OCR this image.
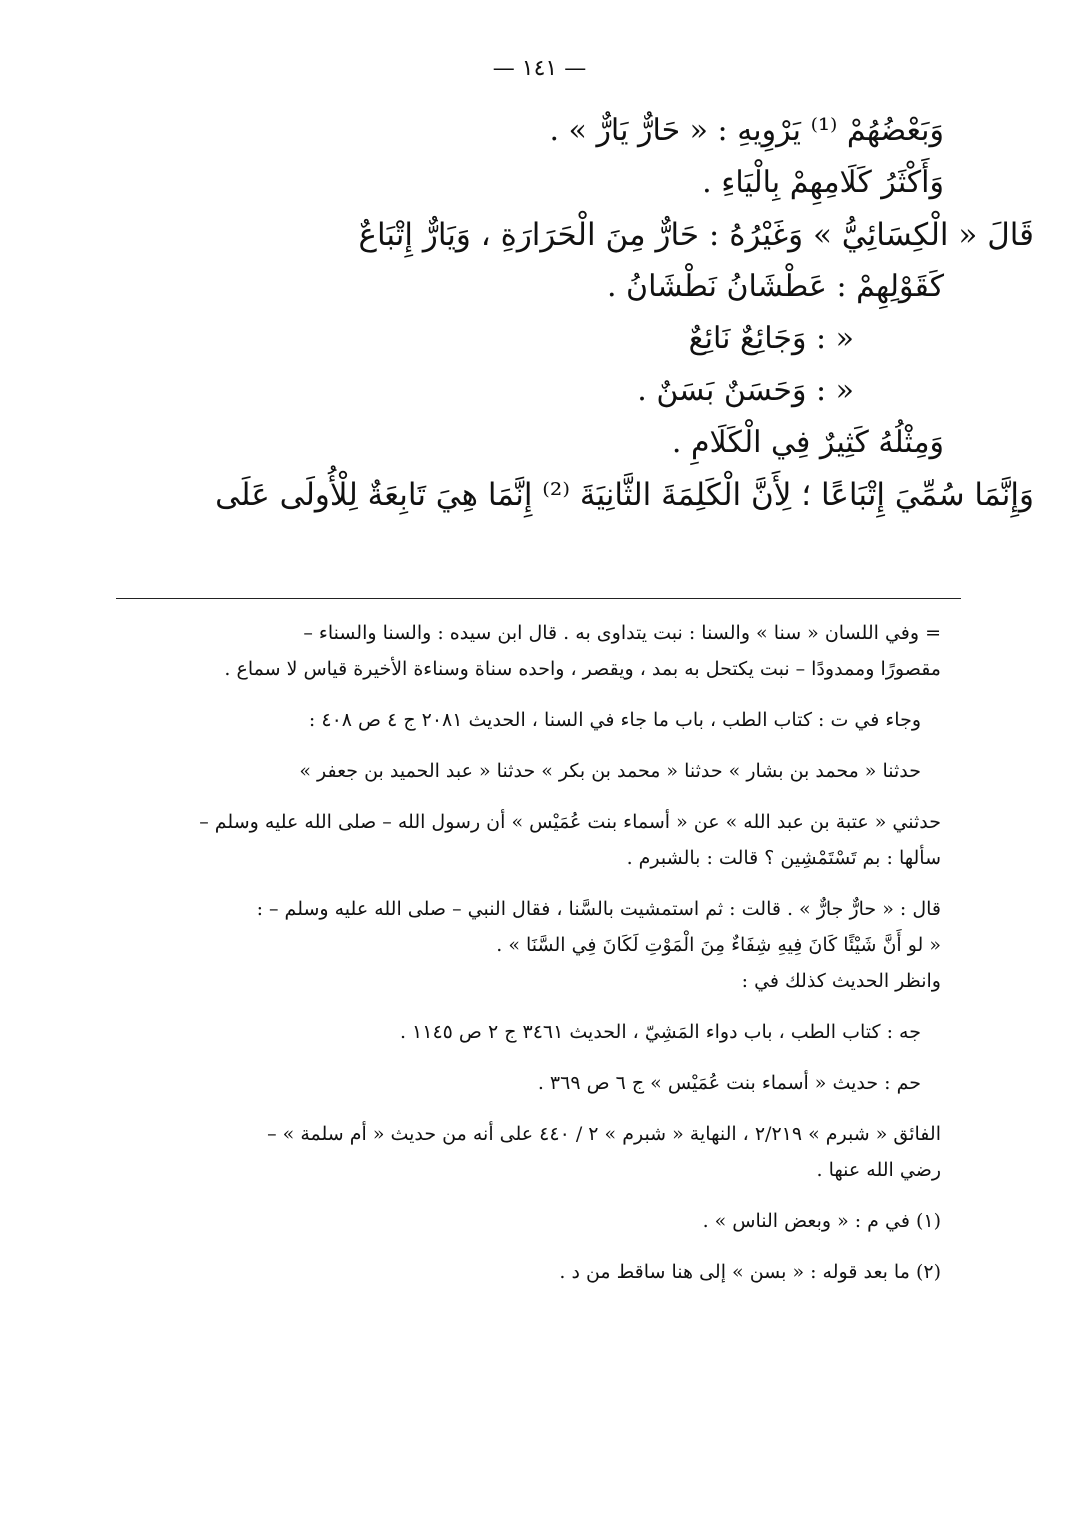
— ١٤١ —
وَبَعْضُهُمْ ⁽¹⁾ يَرْوِيهِ : « حَارٌّ يَارٌّ » .
وَأَكْثَرُ كَلَامِهِمْ بِالْيَاءِ .
قَالَ « الْكِسَائِيُّ » وَغَيْرُهُ : حَارٌّ مِنَ الْحَرَارَةِ ، وَيَارٌّ إِتْبَاعٌ
كَقَوْلِهِمْ : عَطْشَانُ نَطْشَانُ .
« : وَجَائِعٌ نَائِعٌ
« : وَحَسَنٌ بَسَنٌ .
وَمِثْلُهُ كَثِيرٌ فِي الْكَلَامِ .
وَإِنَّمَا سُمِّيَ إِتْبَاعًا ؛ لِأَنَّ الْكَلِمَةَ الثَّانِيَةَ ⁽²⁾ إِنَّمَا هِيَ تَابِعَةٌ لِلْأُولَى عَلَى
= وفي اللسان « سنا » والسنا : نبت يتداوى به . قال ابن سيده : والسنا والسناء –
مقصورًا وممدودًا – نبت يكتحل به بمد ، ويقصر ، واحده سناة وسناءة الأخيرة قياس لا سماع .
وجاء في ت : كتاب الطب ، باب ما جاء في السنا ، الحديث ٢٠٨١ ج ٤ ص ٤٠٨ :
حدثنا « محمد بن بشار » حدثنا « محمد بن بكر » حدثنا « عبد الحميد بن جعفر »
حدثني « عتبة بن عبد الله » عن « أسماء بنت عُمَيْس » أن رسول الله – صلى الله عليه وسلم –
سألها : بم تَسْتَمْشِين ؟ قالت : بالشبرم .
قال : « حارٌّ جارٌّ » . قالت : ثم استمشيت بالسَّنا ، فقال النبي – صلى الله عليه وسلم – :
« لو أَنَّ شَيْئًا كَانَ فِيهِ شِفَاءٌ مِنَ الْمَوْتِ لَكَانَ فِي السَّنَا » .
وانظر الحديث كذلك في :
جه : كتاب الطب ، باب دواء المَشِيّ ، الحديث ٣٤٦١ ج ٢ ص ١١٤٥ .
حم : حديث « أسماء بنت عُمَيْس » ج ٦ ص ٣٦٩ .
الفائق « شبرم » ٢/٢١٩ ، النهاية « شبرم » ٢ / ٤٤٠ على أنه من حديث « أم سلمة » –
رضي الله عنها .
(١) في م : « وبعض الناس » .
(٢) ما بعد قوله : « بسن » إلى هنا ساقط من د .
